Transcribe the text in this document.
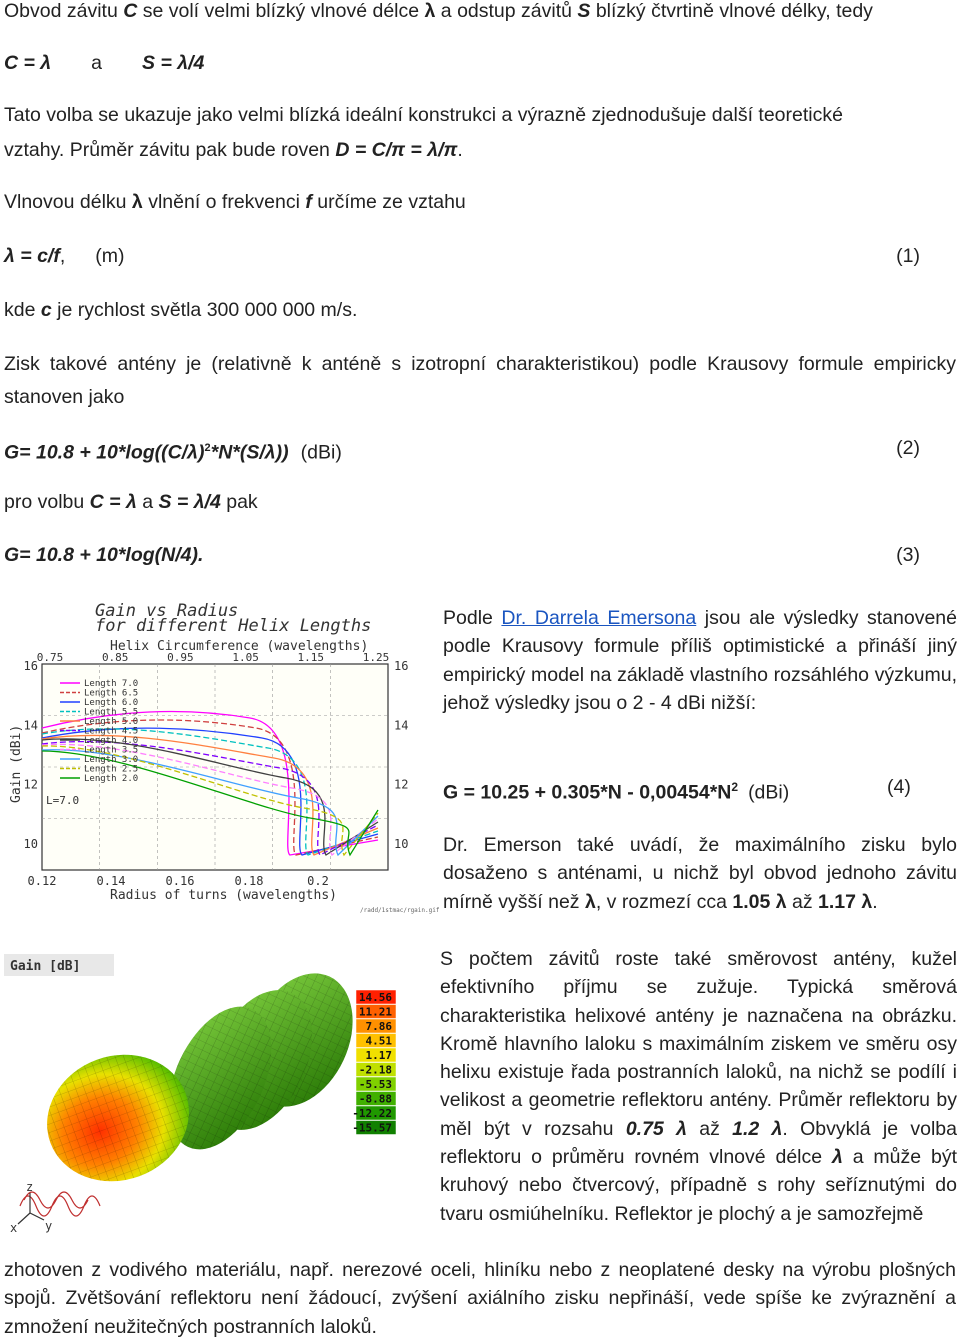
Obvod závitu C se volí velmi blízký vlnové délce λ a odstup závitů S blízký čtvrtině vlnové délky, tedy
C = λ a S = λ/4
Tato volba se ukazuje jako velmi blízká ideální konstrukci a výrazně zjednodušuje další teoretické
vztahy. Průměr závitu pak bude roven D = C/π = λ/π.
Vlnovou délku λ vlnění o frekvenci f určíme ze vztahu
λ = c/f, (m)	(1)
kde c je rychlost světla 300 000 000 m/s.
Zisk takové antény je (relativně k anténě s izotropní charakteristikou) podle Krausovy formule empiricky stanoven jako
$G= 10.8 + 10*\log((C/\lambda)^2*N*(S/\lambda))$ (dBi)	(2)
pro volbu C = λ a S = λ/4 pak
G= 10.8 + 10*log(N/4).	(3)
Gain vs Radius
for different Helix Lengths
Helix Circumference (wavelengths)
0.75	0.85	0.95	1.05	1.15	1.25
16
14
12
10
16
14
12
10
0.12	0.14	0.16	0.18	0.2
Length 7.0
Length 6.5
Length 6.0
Length 5.5
Length 5.0
Length 4.5
Length 4.0
Length 3.5
Length 3.0
Length 2.5
Length 2.0
L=7.0
Gain (dBi)
Radius of turns (wavelengths)
/radd/1stmac/rgain.gif
Podle Dr. Darrela Emersona jsou ale výsledky stanovené podle Krausovy formule příliš optimistické a přináší jiný empirický model na základě vlastního rozsáhlého výzkumu, jehož výsledky jsou o 2 - 4 dBi nižší:
$G = 10.25 + 0.305*N - 0,00454*N^2$ (dBi)	(4)
Dr. Emerson také uvádí, že maximálního zisku bylo dosaženo s anténami, u nichž byl obvod jednoho závitu mírně vyšší než λ, v rozmezí cca 1.05 λ až 1.17 λ.
Gain [dB]
14.56
11.21
7.86
4.51
1.17
-2.18
-5.53
-8.88
-12.22
-15.57
z
x y
S počtem závitů roste také směrovost antény, kužel efektivního příjmu se zužuje. Typická směrová charakteristika helixové antény je naznačena na obrázku. Kromě hlavního laloku s maximálním ziskem ve směru osy helixu existuje řada postranních laloků, na nichž se podílí i velikost a geometrie reflektoru antény. Průměr reflektoru by měl být v rozsahu 0.75 λ až 1.2 λ. Obvyklá je volba reflektoru o průměru rovném vlnové délce λ a může být kruhový nebo čtvercový, případně s rohy seříznutými do tvaru osmiúhelníku. Reflektor je plochý a je samozřejmě
zhotoven z vodivého materiálu, např. nerezové oceli, hliníku nebo z neoplatené desky na výrobu plošných spojů. Zvětšování reflektoru není žádoucí, zvýšení axiálního zisku nepřináší, vede spíše ke zvýraznění a zmnožení neužitečných postranních laloků.
